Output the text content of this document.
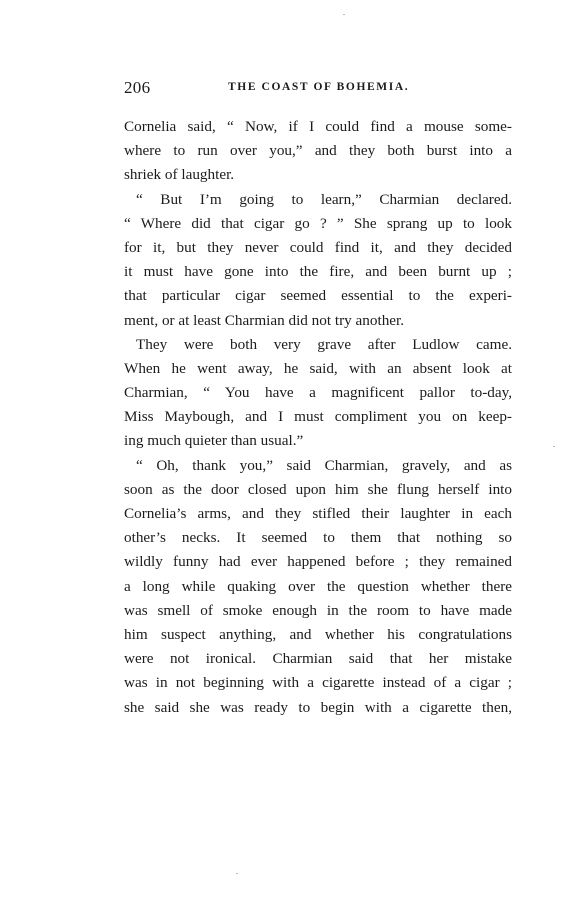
206	THE COAST OF BOHEMIA.
Cornelia said, “ Now, if I could find a mouse some-
where to run over you,” and they both burst into a
shriek of laughter.
“ But I’m going to learn,” Charmian declared.
“ Where did that cigar go ? ” She sprang up to look
for it, but they never could find it, and they decided
it must have gone into the fire, and been burnt up ;
that particular cigar seemed essential to the experi-
ment, or at least Charmian did not try another.
They were both very grave after Ludlow came.
When he went away, he said, with an absent look at
Charmian, “ You have a magnificent pallor to-day,
Miss Maybough, and I must compliment you on keep-
ing much quieter than usual.”
“ Oh, thank you,” said Charmian, gravely, and as
soon as the door closed upon him she flung herself into
Cornelia’s arms, and they stifled their laughter in each
other’s necks. It seemed to them that nothing so
wildly funny had ever happened before ; they remained
a long while quaking over the question whether there
was smell of smoke enough in the room to have made
him suspect anything, and whether his congratulations
were not ironical. Charmian said that her mistake
was in not beginning with a cigarette instead of a cigar ;
she said she was ready to begin with a cigarette then,
